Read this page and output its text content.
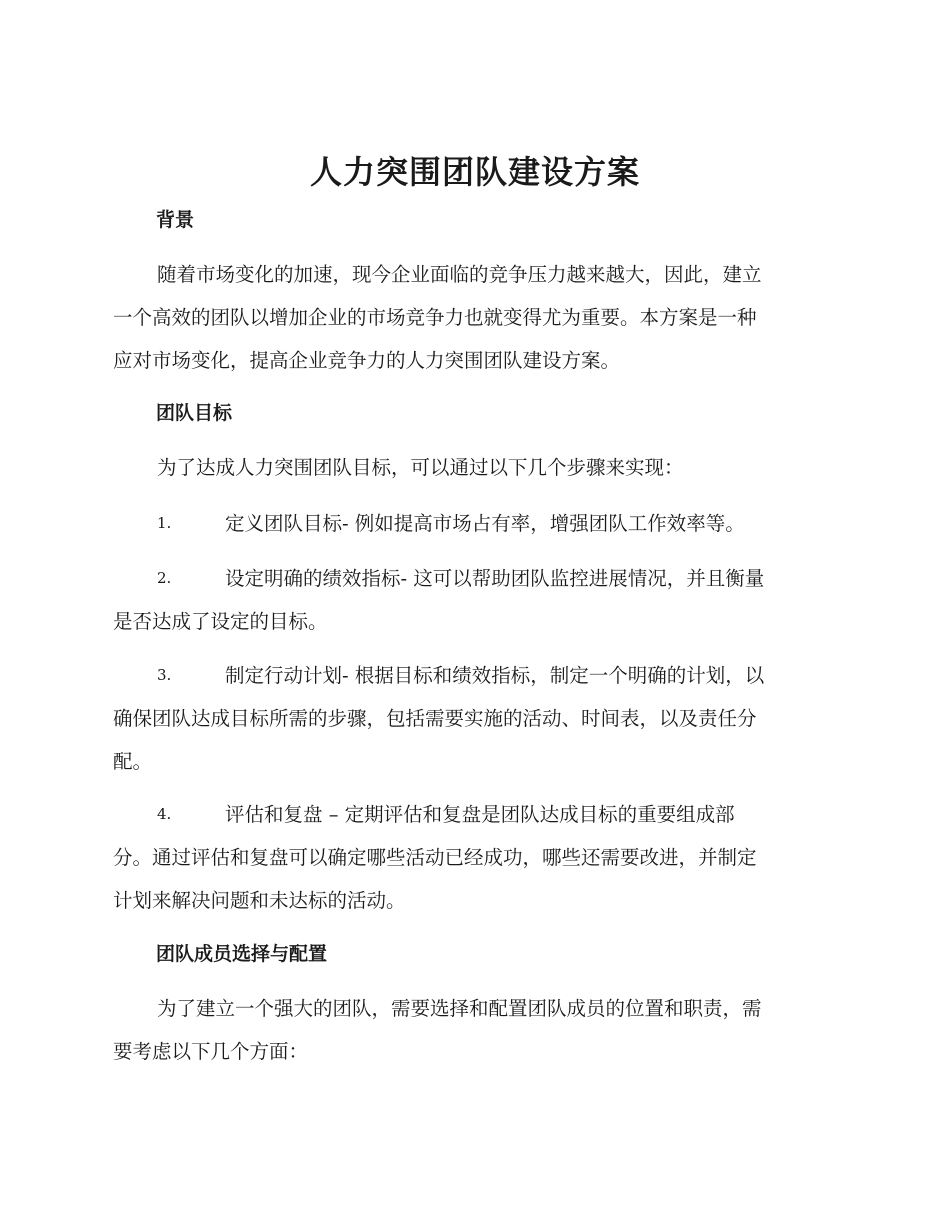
人力突围团队建设方案
背景
随着市场变化的加速，现今企业面临的竞争压力越来越大，因此，建立
一个高效的团队以增加企业的市场竞争力也就变得尤为重要。本方案是一种
应对市场变化，提高企业竞争力的人力突围团队建设方案。
团队目标
为了达成人力突围团队目标，可以通过以下几个步骤来实现：
1.	定义团队目标- 例如提高市场占有率，增强团队工作效率等。
2.	设定明确的绩效指标- 这可以帮助团队监控进展情况，并且衡量
是否达成了设定的目标。
3.	制定行动计划- 根据目标和绩效指标，制定一个明确的计划，以
确保团队达成目标所需的步骤，包括需要实施的活动、时间表，以及责任分
配。
4.	评估和复盘 – 定期评估和复盘是团队达成目标的重要组成部
分。通过评估和复盘可以确定哪些活动已经成功，哪些还需要改进，并制定
计划来解决问题和未达标的活动。
团队成员选择与配置
为了建立一个强大的团队，需要选择和配置团队成员的位置和职责，需
要考虑以下几个方面：
